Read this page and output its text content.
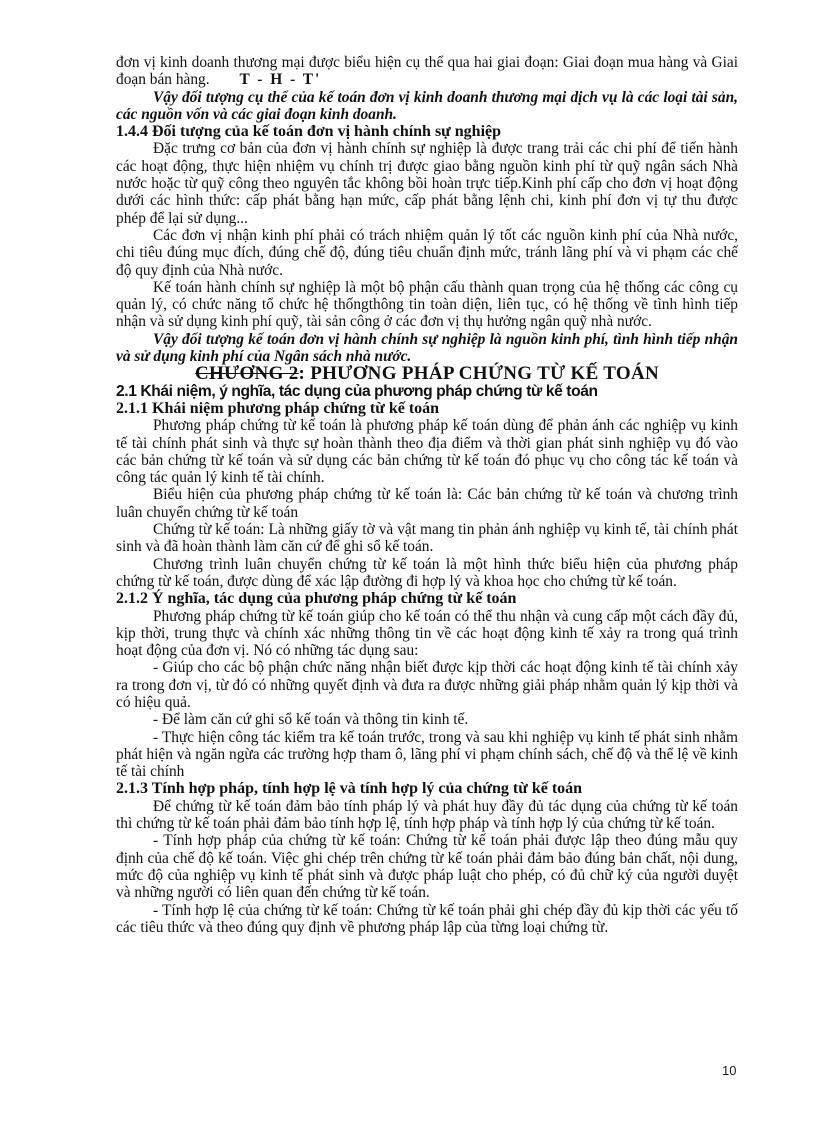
đơn vị kinh doanh thương mại được biểu hiện cụ thể qua hai giai đoạn: Giai đoạn mua hàng và Giai đoạn bán hàng. T - H - T'

Vậy đối tượng cụ thể của kế toán đơn vị kinh doanh thương mại dịch vụ là các loại tài sản, các nguồn vốn và các giai đoạn kinh doanh.

1.4.4 Đối tượng của kế toán đơn vị hành chính sự nghiệp

Đặc trưng cơ bản của đơn vị hành chính sự nghiệp là được trang trải các chi phí để tiến hành các hoạt động, thực hiện nhiệm vụ chính trị được giao bằng nguồn kinh phí từ quỹ ngân sách Nhà nước hoặc từ quỹ công theo nguyên tắc không bồi hoàn trực tiếp.Kinh phí cấp cho đơn vị hoạt động dưới các hình thức: cấp phát bằng hạn mức, cấp phát bằng lệnh chi, kinh phí đơn vị tự thu được phép để lại sử dụng...

Các đơn vị nhận kinh phí phải có trách nhiệm quản lý tốt các nguồn kinh phí của Nhà nước, chi tiêu đúng mục đích, đúng chế độ, đúng tiêu chuẩn định mức, tránh lãng phí và vi phạm các chế độ quy định của Nhà nước.

Kế toán hành chính sự nghiệp là một bộ phận cấu thành quan trọng của hệ thống các công cụ quản lý, có chức năng tổ chức hệ thốngthông tin toàn diện, liên tục, có hệ thống về tình hình tiếp nhận và sử dụng kinh phí quỹ, tài sản công ở các đơn vị thụ hưởng ngân quỹ nhà nước.

Vậy đối tượng kế toán đơn vị hành chính sự nghiệp là nguồn kinh phí, tình hình tiếp nhận và sử dụng kinh phí của Ngân sách nhà nước.

CHƯƠNG 2: PHƯƠNG PHÁP CHỨNG TỪ KẾ TOÁN

2.1 Khái niệm, ý nghĩa, tác dụng của phương pháp chứng từ kế toán

2.1.1 Khái niệm phương pháp chứng từ kế toán

Phương pháp chứng từ kế toán là phương pháp kế toán dùng để phản ánh các nghiệp vụ kinh tế tài chính phát sinh và thực sự hoàn thành theo địa điểm và thời gian phát sinh nghiệp vụ đó vào các bản chứng từ kế toán và sử dụng các bản chứng từ kế toán đó phục vụ cho công tác kế toán và công tác quản lý kinh tế tài chính.

Biểu hiện của phương pháp chứng từ kế toán là: Các bản chứng từ kế toán và chương trình luân chuyển chứng từ kế toán

Chứng từ kế toán: Là những giấy tờ và vật mang tin phản ánh nghiệp vụ kinh tế, tài chính phát sinh và đã hoàn thành làm căn cứ để ghi sổ kế toán.

Chương trình luân chuyển chứng từ kế toán là một hình thức biểu hiện của phương pháp chứng từ kế toán, được dùng để xác lập đường đi hợp lý và khoa học cho chứng từ kế toán.

2.1.2 Ý nghĩa, tác dụng của phương pháp chứng từ kế toán

Phương pháp chứng từ kế toán giúp cho kế toán có thể thu nhận và cung cấp một cách đầy đủ, kịp thời, trung thực và chính xác những thông tin về các hoạt động kinh tế xảy ra trong quá trình hoạt động của đơn vị. Nó có những tác dụng sau:

- Giúp cho các bộ phận chức năng nhận biết được kịp thời các hoạt động kinh tế tài chính xảy ra trong đơn vị, từ đó có những quyết định và đưa ra được những giải pháp nhằm quản lý kịp thời và có hiệu quả.

- Để làm căn cứ ghi sổ kế toán và thông tin kinh tế.

- Thực hiện công tác kiểm tra kế toán trước, trong và sau khi nghiệp vụ kinh tế phát sinh nhằm phát hiện và ngăn ngừa các trường hợp tham ô, lãng phí vi phạm chính sách, chế độ và thể lệ về kinh tế tài chính

2.1.3 Tính hợp pháp, tính hợp lệ và tính hợp lý của chứng từ kế toán

Để chứng từ kế toán đảm bảo tính pháp lý và phát huy đầy đủ tác dụng của chứng từ kế toán thì chứng từ kế toán phải đảm bảo tính hợp lệ, tính hợp pháp và tính hợp lý của chứng từ kế toán.

- Tính hợp pháp của chứng từ kế toán: Chứng từ kế toán phải được lập theo đúng mẫu quy định của chế độ kế toán. Việc ghi chép trên chứng từ kế toán phải đảm bảo đúng bản chất, nội dung, mức độ của nghiệp vụ kinh tế phát sinh và được pháp luật cho phép, có đủ chữ ký của người duyệt và những người có liên quan đến chứng từ kế toán.

- Tính hợp lệ của chứng từ kế toán: Chứng từ kế toán phải ghi chép đầy đủ kịp thời các yếu tố các tiêu thức và theo đúng quy định về phương pháp lập của từng loại chứng từ.

10
